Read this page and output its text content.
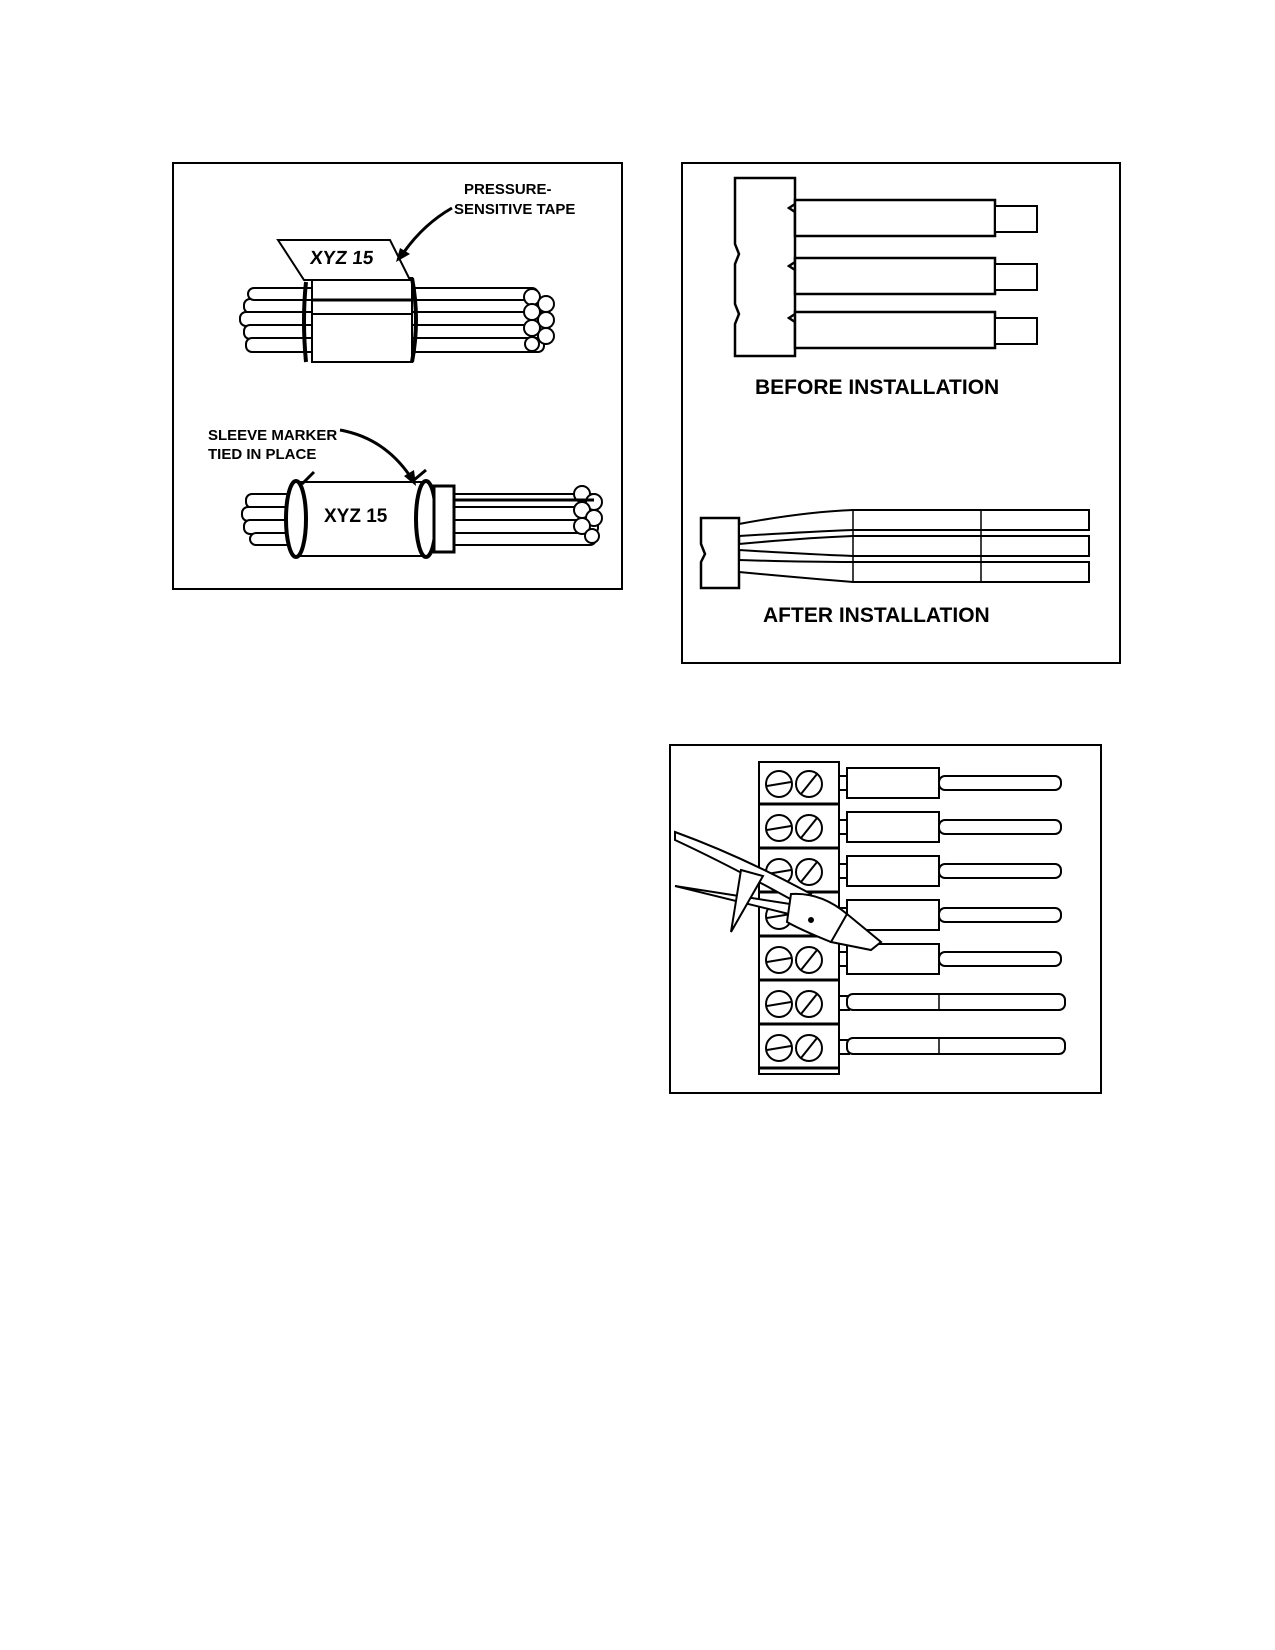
PRESSURE-
SENSITIVE TAPE
XYZ 15
SLEEVE MARKER
TIED IN PLACE
XYZ 15
BEFORE INSTALLATION
AFTER INSTALLATION
